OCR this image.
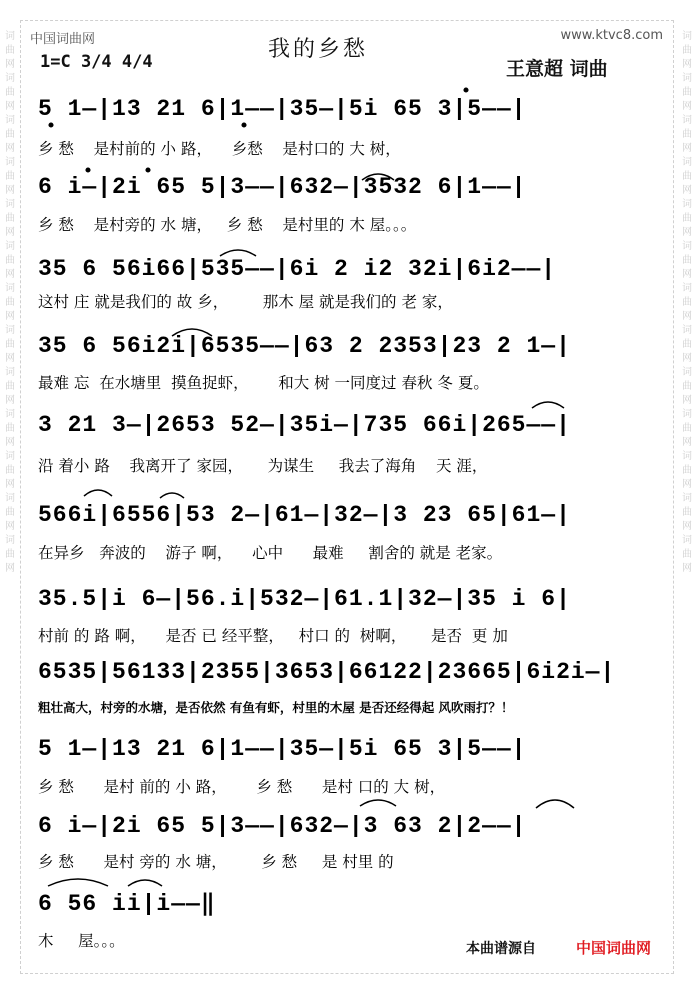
词曲网词曲网词曲网词曲网词曲网词曲网词曲网词曲网词曲网词曲网词曲网词曲网词曲网
词曲网词曲网词曲网词曲网词曲网词曲网词曲网词曲网词曲网词曲网词曲网词曲网词曲网
中国词曲网	www.ktvc8.com
我的乡愁
1=C 3/4 4/4	王意超 词曲
5 1—|13 21 6|1——|35—|5i 65 3|5——|
乡 愁    是村前的 小 路，    乡愁    是村口的 大 树，
6 i—|2i 65 5|3——|632—|3532 6|1——|
乡 愁    是村旁的 水 塘，   乡 愁    是村里的 木 屋。。。
35 6 56i66|535——|6i 2 i2 32i|6i2——|
这村 庄 就是我们的 故 乡，       那木 屋 就是我们的 老 家，
35 6 56i2i|6535——|63 2 2353|23 2 1—|
最难 忘  在水塘里  摸鱼捉虾，      和大 树 一同度过 春秋 冬 夏。
3 21 3—|2653 52—|35i—|735 66i|265——|
沿 着小 路    我离开了 家园，     为谋生     我去了海角    天 涯，
566i|6556|53 2—|61—|32—|3 23 65|61—|
在异乡   奔波的    游子 啊，    心中      最难     割舍的 就是 老家。
35.5|i 6—|56.i|532—|61.1|32—|35 i 6|
村前 的 路 啊，    是否 已 经平整，   村口 的  树啊，     是否  更 加
6535|56133|2355|3653|66122|23665|6i2i—|
粗壮高大，村旁的水塘，是否依然 有鱼有虾，村里的木屋 是否还经得起 风吹雨打？！
5 1—|13 21 6|1——|35—|5i 65 3|5——|
乡 愁      是村 前的 小 路，      乡 愁      是村 口的 大 树，
6 i—|2i 65 5|3——|632—|3 63 2|2——|
乡 愁      是村 旁的 水 塘，       乡 愁     是 村里 的
6 56 ii|i——‖
木     屋。。。	本曲谱源自	中国词曲网
